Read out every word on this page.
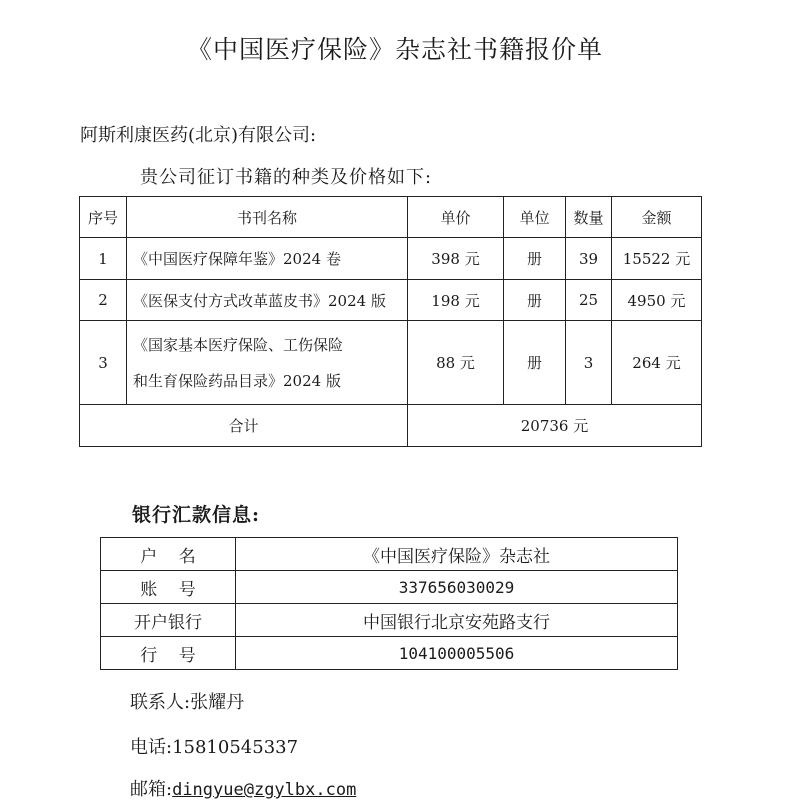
《中国医疗保险》杂志社书籍报价单
阿斯利康医药(北京)有限公司:
贵公司征订书籍的种类及价格如下:
序号	书刊名称	单价	单位	数量	金额
1	《中国医疗保障年鉴》2024 卷	398 元	册	39	15522 元
2	《医保支付方式改革蓝皮书》2024 版	198 元	册	25	4950 元
3	《国家基本医疗保险、工伤保险
和生育保险药品目录》2024 版	88 元	册	3	264 元
合计		20736 元			
银行汇款信息:
户    名	《中国医疗保险》杂志社
账    号	337656030029
开户银行	中国银行北京安苑路支行
行    号	104100005506
联系人:张耀丹
电话:15810545337
邮箱:dingyue@zgylbx.com
